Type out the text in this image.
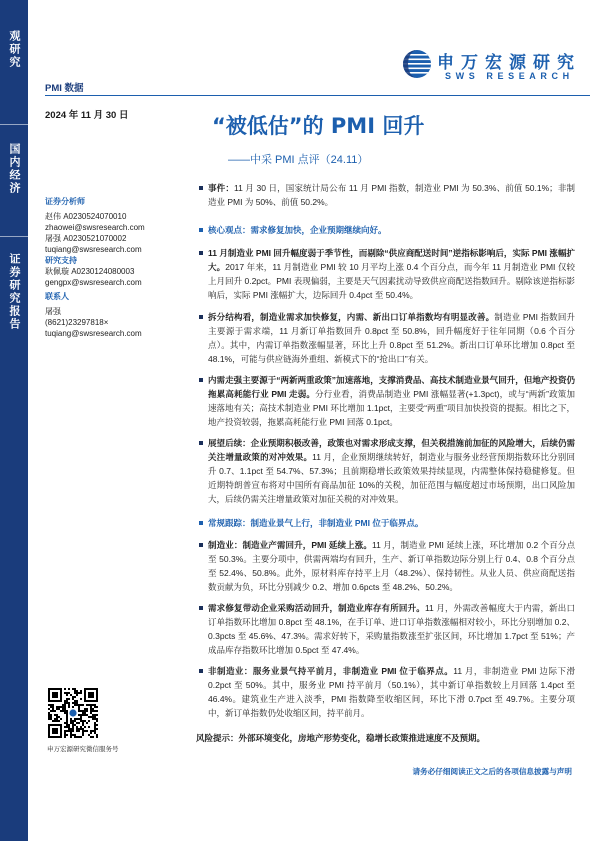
观研究
国内经济
证券研究报告
申万宏源研究
SWS RESEARCH
PMI 数据
2024 年 11 月 30 日	“被低估”的 PMI 回升
——中采 PMI 点评（24.11）
证券分析师
赵伟 A0230524070010
zhaowei@swsresearch.com
屠强 A0230521070002
tuqiang@swsresearch.com
研究支持
耿佩璇 A0230124080003
gengpx@swsresearch.com
联系人
屠强
(8621)23297818×
tuqiang@swsresearch.com

事件：11 月 30 日，国家统计局公布 11 月 PMI 指数，制造业 PMI 为 50.3%、前值 50.1%；非制造业 PMI 为 50%、前值 50.2%。

核心观点：需求修复加快，企业预期继续向好。

11 月制造业 PMI 回升幅度弱于季节性，而剔除“供应商配送时间”逆指标影响后，实际 PMI 涨幅扩大。2017 年来，11 月制造业 PMI 较 10 月平均上涨 0.4 个百分点，而今年 11 月制造业 PMI 仅较上月回升 0.2pct。PMI 表现偏弱，主要是天气因素扰动导致供应商配送指数回升。剔除该逆指标影响后，实际 PMI 涨幅扩大，边际回升 0.4pct 至 50.4%。

拆分结构看，制造业需求加快修复，内需、新出口订单指数均有明显改善。制造业 PMI 指数回升主要源于需求端，11 月新订单指数回升 0.8pct 至 50.8%，回升幅度好于往年同期（0.6 个百分点）。其中，内需订单指数涨幅显著，环比上升 0.8pct 至 51.2%。新出口订单环比增加 0.8pct 至 48.1%，可能与供应链海外重组、新模式下的“抢出口”有关。

内需走强主要源于“两新两重政策”加速落地，支撑消费品、高技术制造业景气回升，但地产投资仍拖累高耗能行业 PMI 走弱。分行业看，消费品制造业 PMI 涨幅显著(+1.3pct)，或与“两新”政策加速落地有关；高技术制造业 PMI 环比增加 1.1pct，主要受“两重”项目加快投资的提振。相比之下，地产投资较弱，拖累高耗能行业 PMI 回落 0.1pct。

展望后续：企业预期积极改善，政策也对需求形成支撑，但关税措施前加征的风险增大，后续仍需关注增量政策的对冲效果。11 月，企业预期继续转好，制造业与服务业经营预期指数环比分别回升 0.7、1.1pct 至 54.7%、57.3%；且前期稳增长政策效果持续显现，内需整体保持稳健修复。但近期特朗普宣布将对中国所有商品加征 10%的关税，加征范围与幅度超过市场预期，出口风险加大，后续仍需关注增量政策对加征关税的对冲效果。

常规跟踪：制造业景气上行，非制造业 PMI 位于临界点。

制造业：制造业产需回升，PMI 延续上涨。11 月，制造业 PMI 延续上涨，环比增加 0.2 个百分点至 50.3%。主要分项中，供需两端均有回升，生产、新订单指数边际分别上行 0.4、0.8 个百分点至 52.4%、50.8%。此外，原材料库存持平上月（48.2%）、保持韧性。从业人员、供应商配送指数贡献为负，环比分别减少 0.2、增加 0.6pcts 至 48.2%、50.2%。

需求修复带动企业采购活动回升，制造业库存有所回升。11 月，外需改善幅度大于内需，新出口订单指数环比增加 0.8pct 至 48.1%，在手订单、进口订单指数涨幅相对较小，环比分别增加 0.2、0.3pcts 至 45.6%、47.3%。需求好转下，采购量指数涨至扩张区间，环比增加 1.7pct 至 51%；产成品库存指数环比增加 0.5pct 至 47.4%。

非制造业：服务业景气持平前月，非制造业 PMI 位于临界点。11 月，非制造业 PMI 边际下滑 0.2pct 至 50%。其中，服务业 PMI 持平前月（50.1%），其中新订单指数较上月回落 1.4pct 至 46.4%。建筑业生产进入淡季，PMI 指数降至收缩区间，环比下滑 0.7pct 至 49.7%。主要分项中，新订单指数仍处收缩区间，持平前月。

风险提示：外部环境变化，房地产形势变化，稳增长政策推进速度不及预期。

申万宏源研究微信服务号
请务必仔细阅读正文之后的各项信息披露与声明
